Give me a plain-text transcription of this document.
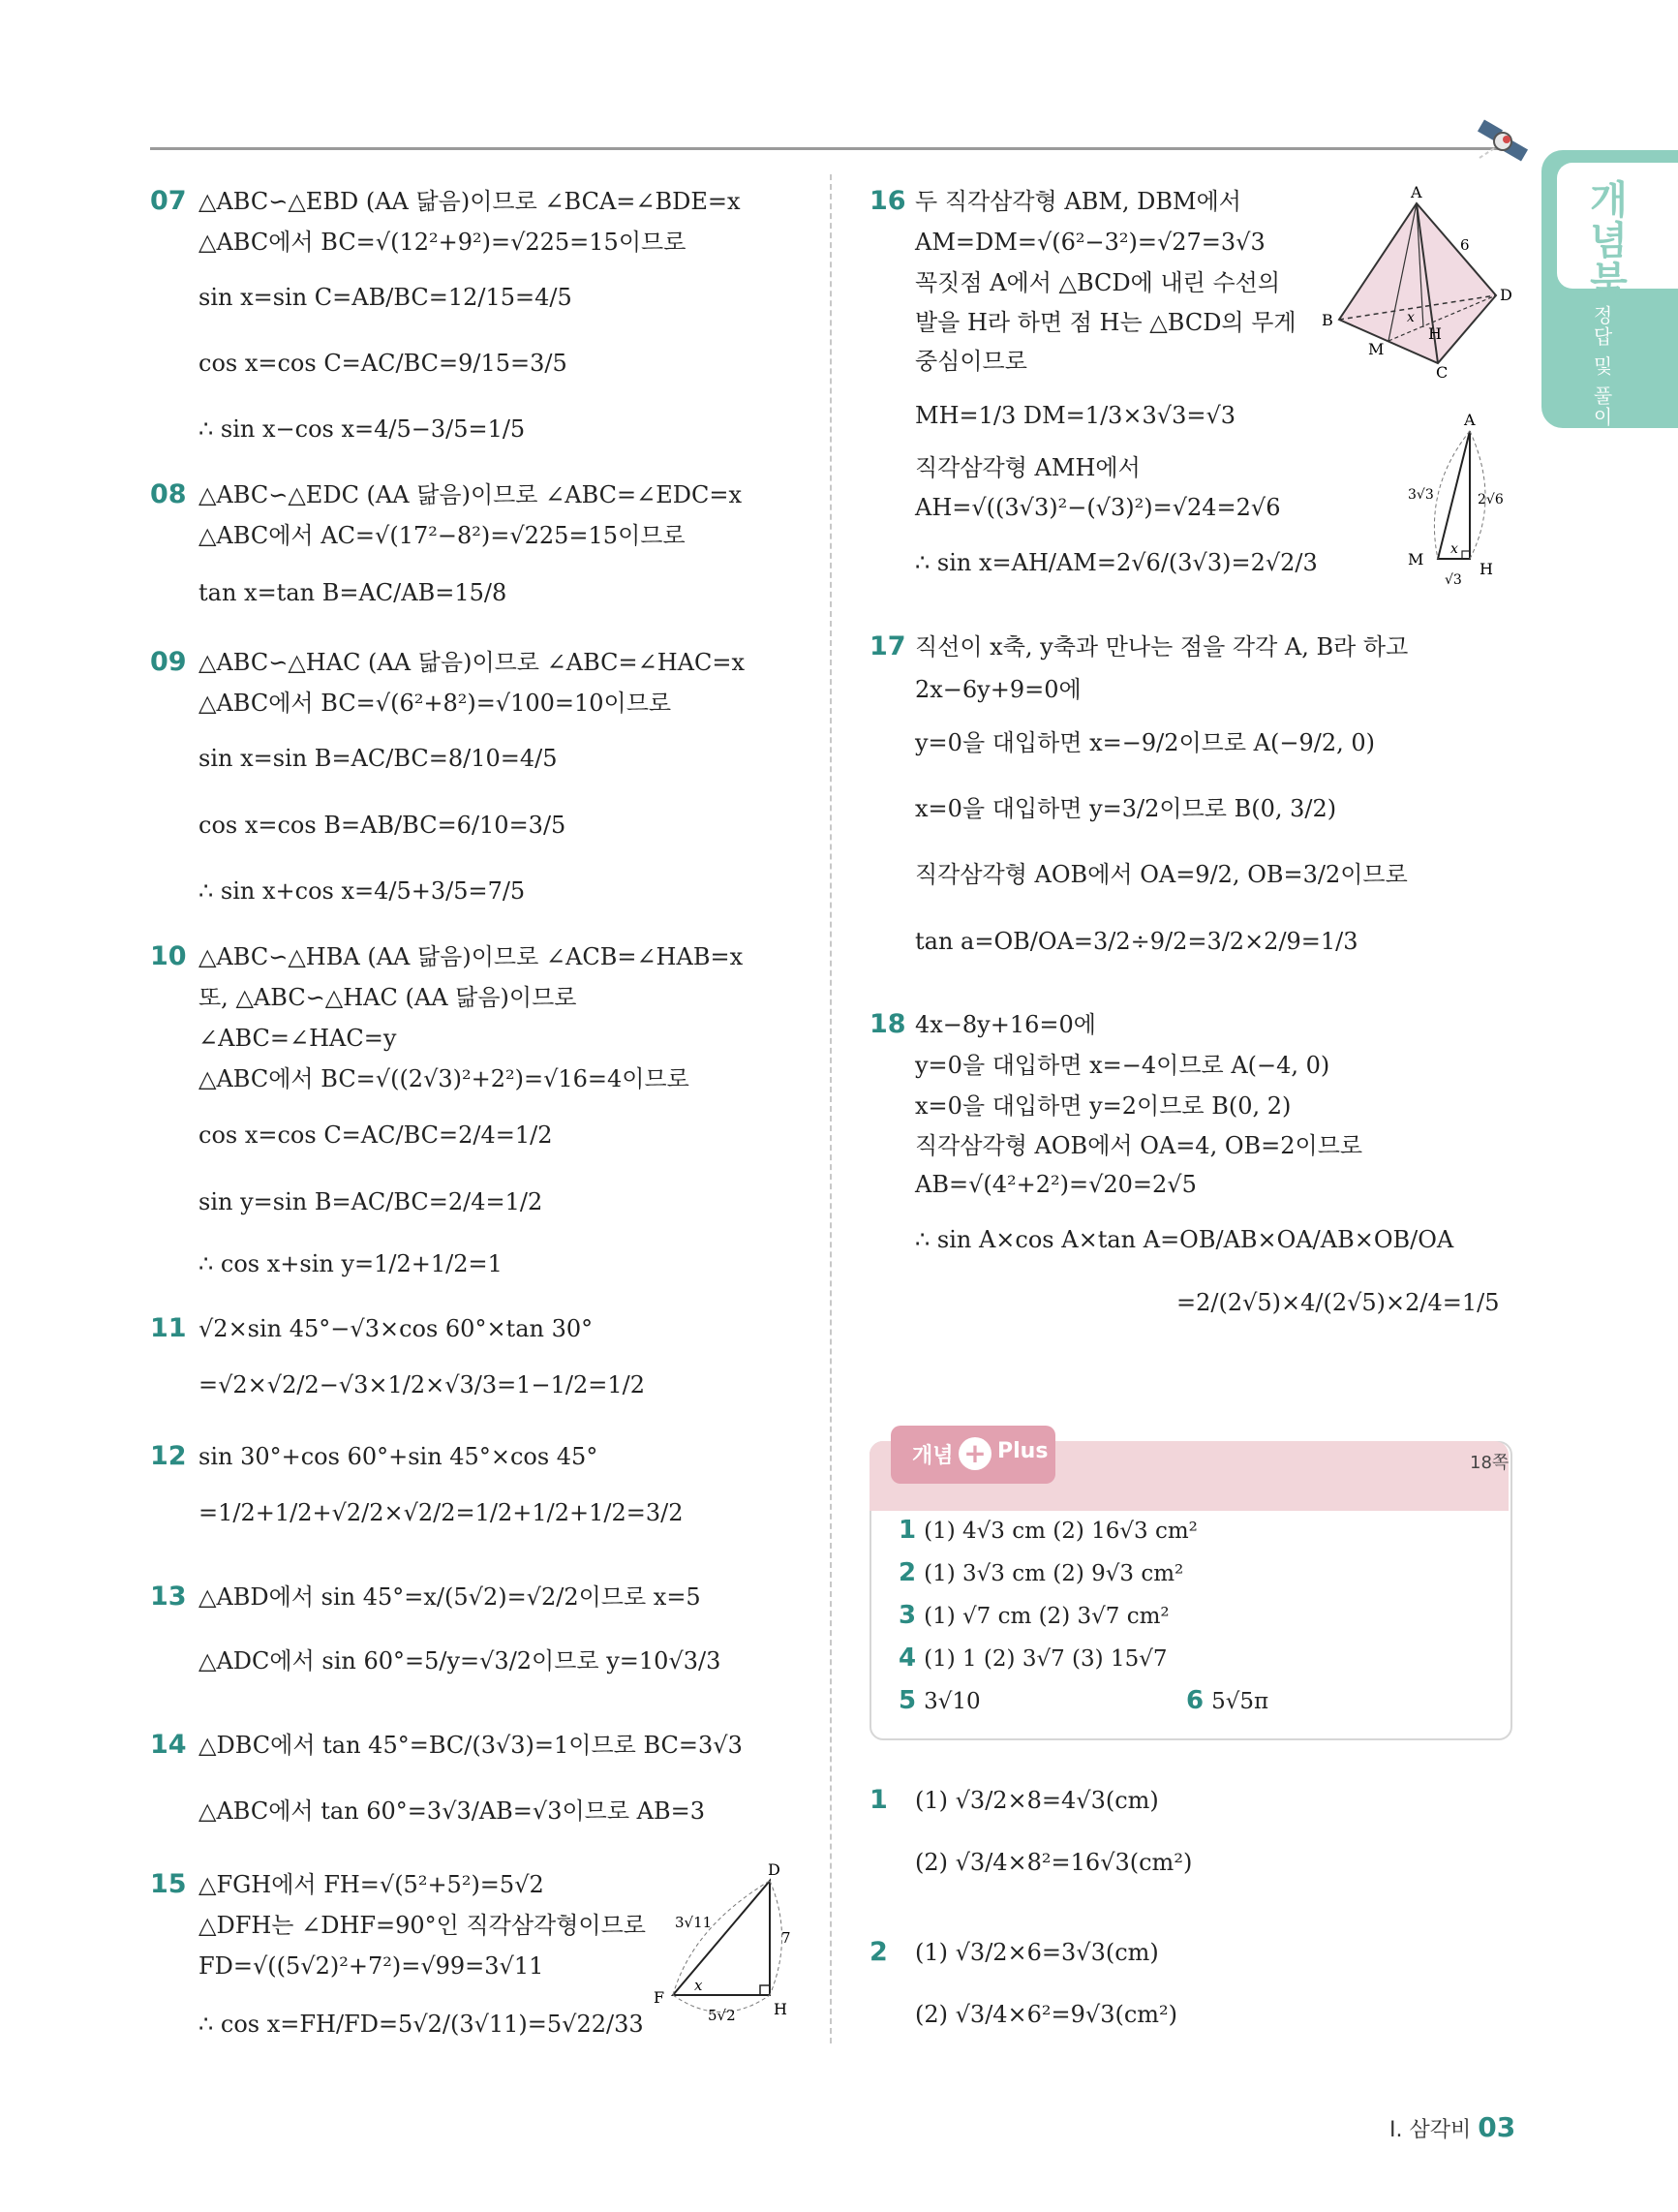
개념북
정답 및 풀이
07 △ABC∽△EBD (AA 닮음)이므로 ∠BCA=∠BDE=x
△ABC에서 BC=√(12²+9²)=√225=15이므로
sin x=sin C=AB/BC=12/15=4/5
cos x=cos C=AC/BC=9/15=3/5
∴ sin x−cos x=4/5−3/5=1/5
08 △ABC∽△EDC (AA 닮음)이므로 ∠ABC=∠EDC=x
△ABC에서 AC=√(17²−8²)=√225=15이므로
tan x=tan B=AC/AB=15/8
09 △ABC∽△HAC (AA 닮음)이므로 ∠ABC=∠HAC=x
△ABC에서 BC=√(6²+8²)=√100=10이므로
sin x=sin B=AC/BC=8/10=4/5
cos x=cos B=AB/BC=6/10=3/5
∴ sin x+cos x=4/5+3/5=7/5
10 △ABC∽△HBA (AA 닮음)이므로 ∠ACB=∠HAB=x
또, △ABC∽△HAC (AA 닮음)이므로
∠ABC=∠HAC=y
△ABC에서 BC=√((2√3)²+2²)=√16=4이므로
cos x=cos C=AC/BC=2/4=1/2
sin y=sin B=AC/BC=2/4=1/2
∴ cos x+sin y=1/2+1/2=1
11 √2×sin 45°−√3×cos 60°×tan 30°
=√2×√2/2−√3×1/2×√3/3=1−1/2=1/2
12 sin 30°+cos 60°+sin 45°×cos 45°
=1/2+1/2+√2/2×√2/2=1/2+1/2+1/2=3/2
13 △ABD에서 sin 45°=x/(5√2)=√2/2이므로 x=5
△ADC에서 sin 60°=5/y=√3/2이므로 y=10√3/3
14 △DBC에서 tan 45°=BC/(3√3)=1이므로 BC=3√3
△ABC에서 tan 60°=3√3/AB=√3이므로 AB=3
15 △FGH에서 FH=√(5²+5²)=5√2
△DFH는 ∠DHF=90°인 직각삼각형이므로
FD=√((5√2)²+7²)=√99=3√11
∴ cos x=FH/FD=5√2/(3√11)=5√22/33
D
F
H
3√11
7
5√2
x
16 두 직각삼각형 ABM, DBM에서
AM=DM=√(6²−3²)=√27=3√3
꼭짓점 A에서 △BCD에 내린 수선의
발을 H라 하면 점 H는 △BCD의 무게
중심이므로
MH=1/3 DM=1/3×3√3=√3
직각삼각형 AMH에서
AH=√((3√3)²−(√3)²)=√24=2√6
∴ sin x=AH/AM=2√6/(3√3)=2√2/3
A
B
C
D
M
H
6
x
A
M
H
3√3	2√6
√3
x
17 직선이 x축, y축과 만나는 점을 각각 A, B라 하고
2x−6y+9=0에
y=0을 대입하면 x=−9/2이므로 A(−9/2, 0)
x=0을 대입하면 y=3/2이므로 B(0, 3/2)
직각삼각형 AOB에서 OA=9/2, OB=3/2이므로
tan a=OB/OA=3/2÷9/2=3/2×2/9=1/3
18 4x−8y+16=0에
y=0을 대입하면 x=−4이므로 A(−4, 0)
x=0을 대입하면 y=2이므로 B(0, 2)
직각삼각형 AOB에서 OA=4, OB=2이므로
AB=√(4²+2²)=√20=2√5
∴ sin A×cos A×tan A=OB/AB×OA/AB×OB/OA
=2/(2√5)×4/(2√5)×2/4=1/5
개념 + Plus	18쪽
1 (1) 4√3 cm (2) 16√3 cm²
2 (1) 3√3 cm (2) 9√3 cm²
3 (1) √7 cm (2) 3√7 cm²
4 (1) 1 (2) 3√7 (3) 15√7
5 3√10	6 5√5π
1 (1) √3/2×8=4√3(cm)
(2) √3/4×8²=16√3(cm²)
2 (1) √3/2×6=3√3(cm)
(2) √3/4×6²=9√3(cm²)
Ⅰ. 삼각비 03
